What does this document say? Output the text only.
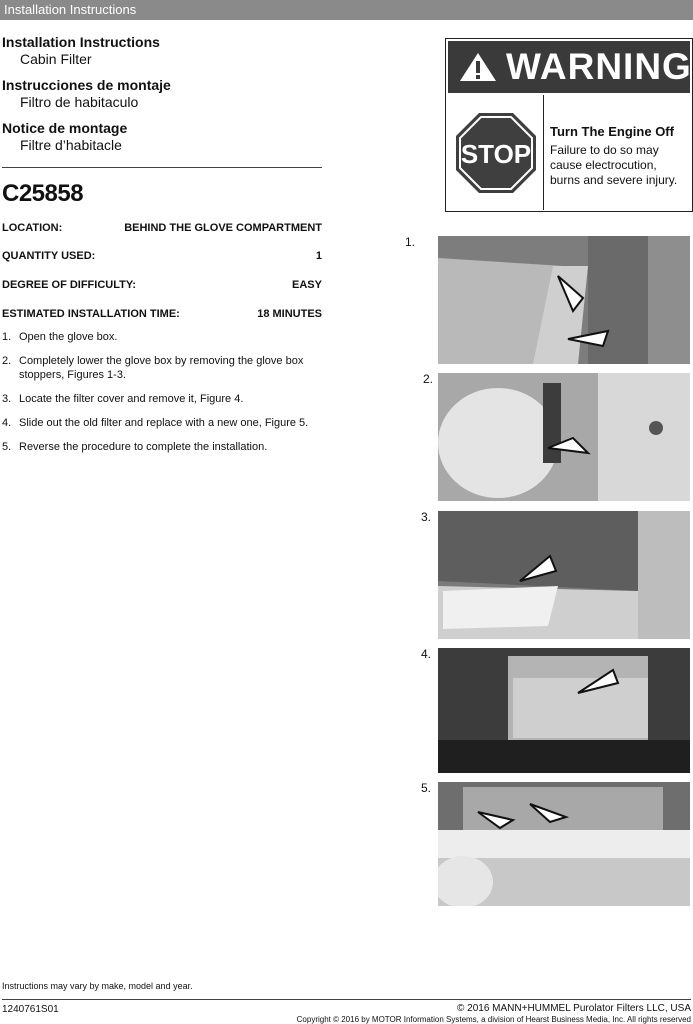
Installation Instructions
Installation Instructions
Cabin Filter
Instrucciones de montaje
Filtro de habitaculo
Notice de montage
Filtre d’habitacle
C25858
LOCATION:	BEHIND THE GLOVE COMPARTMENT
QUANTITY USED:	1
DEGREE OF DIFFICULTY:	EASY
ESTIMATED INSTALLATION TIME:	18 MINUTES
1. Open the glove box.
2. Completely lower the glove box by removing the glove box stoppers, Figures 1-3.
3. Locate the filter cover and remove it, Figure 4.
4. Slide out the old filter and replace with a new one, Figure 5.
5. Reverse the procedure to complete the installation.
WARNING
STOP
Turn The Engine Off
Failure to do so may cause electrocution, burns and severe injury.
1.
2.
3.
4.
5.
Instructions may vary by make, model and year.
1240761S01	© 2016 MANN+HUMMEL Purolator Filters LLC, USA
Copyright © 2016 by MOTOR Information Systems, a division of Hearst Business Media, Inc. All rights reserved
